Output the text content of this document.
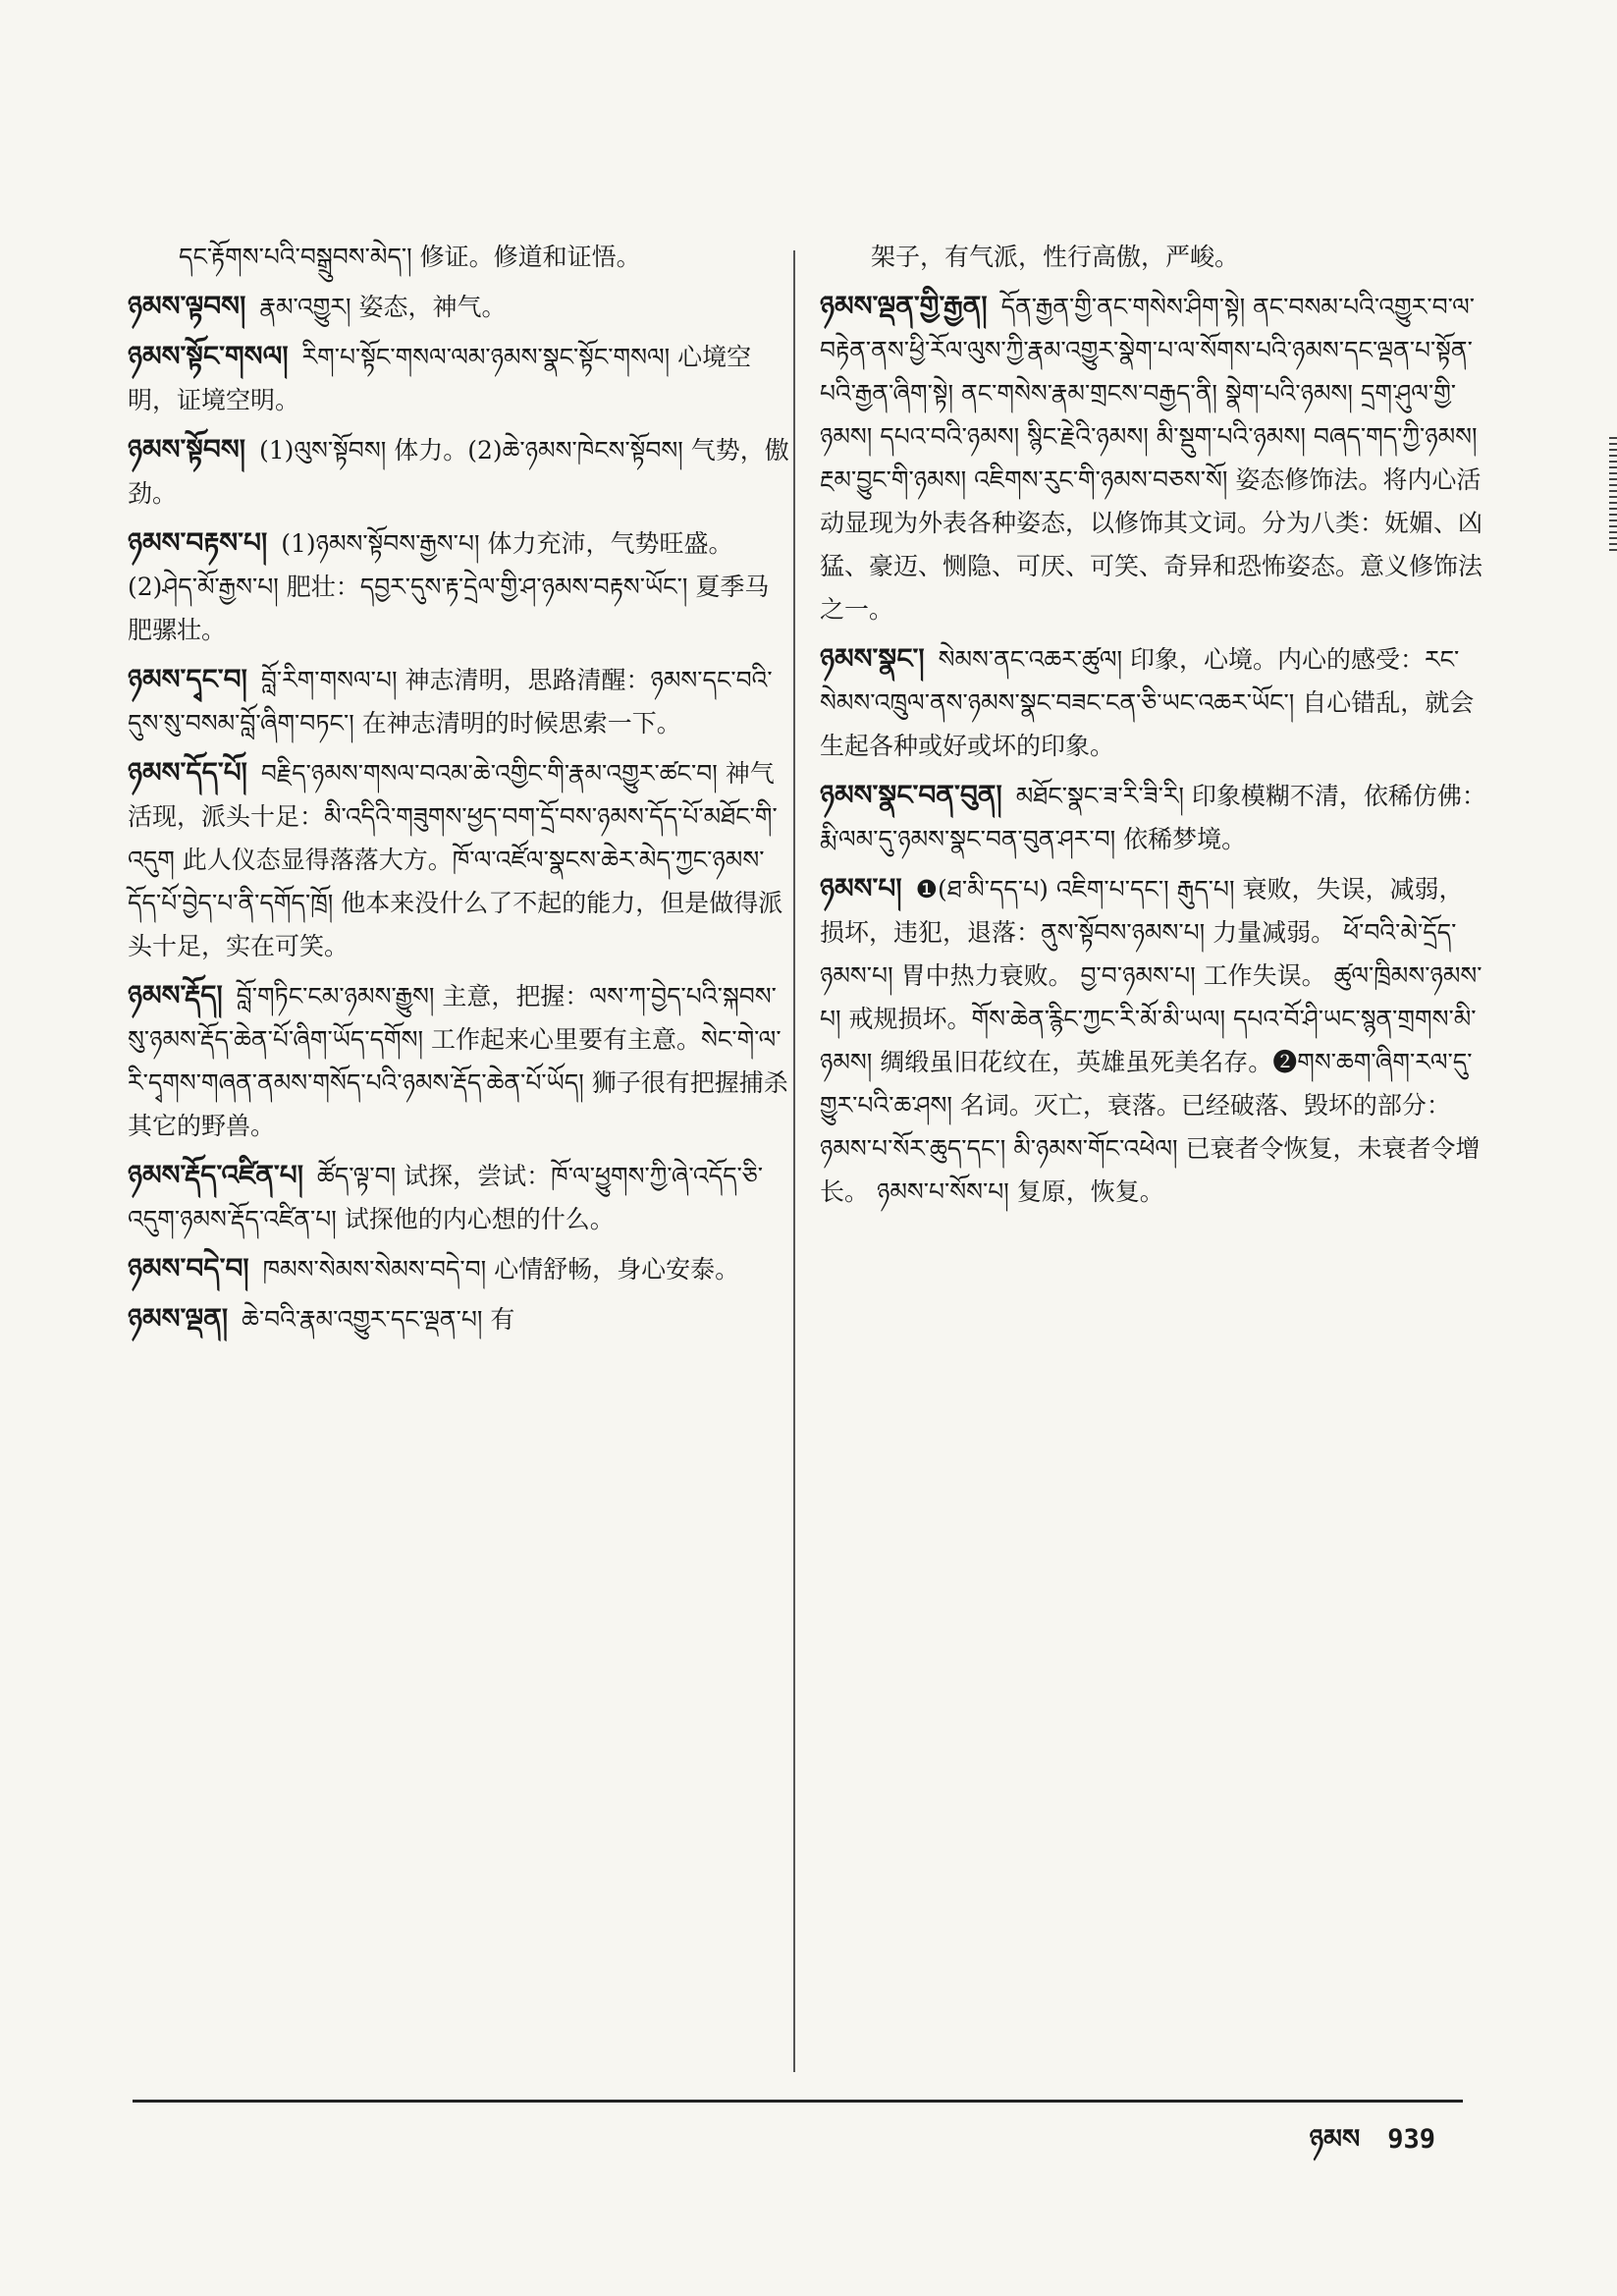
དང་རྟོགས་པའི་བསྒྲུབས་མེད་། 修证。修道和证悟。

ཉམས་ལྟབས། རྣམ་འགྱུར། 姿态，神气。
ཉམས་སྟོང་གསལ། རིག་པ་སྟོང་གསལ་ལམ་ཉམས་སྣང་སྟོང་གསལ། 心境空明，证境空明。
ཉམས་སྟོབས། (1)ལུས་སྟོབས། 体力。(2)ཆེ་ཉམས་ཁེངས་སྟོབས། 气势，傲劲。
ཉམས་བརྟས་པ། (1)ཉམས་སྟོབས་རྒྱས་པ། 体力充沛，气势旺盛。(2)ཤེད་མོ་རྒྱས་པ། 肥壮：དབྱར་དུས་རྟ་དྲེལ་གྱི་ཤ་ཉམས་བརྟས་ཡོང་། 夏季马肥骡壮。
ཉམས་དྭང་བ། བློ་རིག་གསལ་པ། 神志清明，思路清醒：ཉམས་དང་བའི་དུས་སུ་བསམ་བློ་ཞིག་བཏང་། 在神志清明的时候思索一下。
ཉམས་དོད་པོ། བརྗིད་ཉམས་གསལ་བའམ་ཆེ་འགྱིང་གི་རྣམ་འགྱུར་ཚང་བ། 神气活现，派头十足：མི་འདིའི་གཟུགས་ཕྱད་བག་དྲོ་བས་ཉམས་དོད་པོ་མཐོང་གི་འདུག 此人仪态显得落落大方。ཁོ་ལ་འཛོལ་སྣངས་ཆེར་མེད་ཀྱང་ཉམས་དོད་པོ་བྱེད་པ་ནི་དགོད་ཁྲོ། 他本来没什么了不起的能力，但是做得派头十足，实在可笑。
ཉམས་རྡོད། བློ་གཏིང་ངམ་ཉམས་རྒྱུས། 主意，把握：ལས་ཀ་བྱེད་པའི་སྐབས་སུ་ཉམས་རྡོད་ཆེན་པོ་ཞིག་ཡོད་དགོས། 工作起来心里要有主意。སེང་གེ་ལ་རི་དྭགས་གཞན་ནམས་གསོད་པའི་ཉམས་རྡོད་ཆེན་པོ་ཡོད། 狮子很有把握捕杀其它的野兽。
ཉམས་རྡོད་འཛིན་པ། ཚོད་ལྟ་བ། 试探，尝试：ཁོ་ལ་ཕྱུགས་ཀྱི་ཞེ་འདོད་ཅི་འདུག་ཉམས་རྡོད་འཛིན་པ། 试探他的内心想的什么。
ཉམས་བདེ་བ། ཁམས་སེམས་སེམས་བདེ་བ། 心情舒畅，身心安泰。
ཉམས་ལྡན། ཆེ་བའི་རྣམ་འགྱུར་དང་ལྡན་པ། 有

架子，有气派，性行高傲，严峻。

ཉམས་ལྡན་གྱི་རྒྱན། དོན་རྒྱན་གྱི་ནང་གསེས་ཤིག་སྟེ། ནང་བསམ་པའི་འགྱུར་བ་ལ་བརྟེན་ནས་ཕྱི་རོལ་ལུས་ཀྱི་རྣམ་འགྱུར་སྣེག་པ་ལ་སོགས་པའི་ཉམས་དང་ལྡན་པ་སྟོན་པའི་རྒྱན་ཞིག་སྟེ། ནང་གསེས་རྣམ་གྲངས་བརྒྱད་ནི། སྣེག་པའི་ཉམས། དྲག་ཤུལ་གྱི་ཉམས། དཔའ་བའི་ཉམས། སྙིང་རྗེའི་ཉམས། མི་སྡུག་པའི་ཉམས། བཞད་གད་ཀྱི་ཉམས། རྔམ་བྱུང་གི་ཉམས། འཇིགས་རུང་གི་ཉམས་བཅས་སོ། 姿态修饰法。将内心活动显现为外表各种姿态，以修饰其文词。分为八类：妩媚、凶猛、豪迈、恻隐、可厌、可笑、奇异和恐怖姿态。意义修饰法之一。
ཉམས་སྣང་། སེམས་ནང་འཆར་ཚུལ། 印象，心境。内心的感受：རང་སེམས་འཁྲུལ་ནས་ཉམས་སྣང་བཟང་ངན་ཅི་ཡང་འཆར་ཡོང་། 自心错乱，就会生起各种或好或坏的印象。
ཉམས་སྣང་བན་བུན། མཐོང་སྣང་ཟ་རི་ཟི་རི། 印象模糊不清，依稀仿佛：རྨི་ལམ་དུ་ཉམས་སྣང་བན་བུན་ཤར་བ། 依稀梦境。
ཉམས་པ། ❶(ཐ་མི་དད་པ) འཇིག་པ་དང་། རྒུད་པ། 衰败，失误，减弱，损坏，违犯，退落：ནུས་སྟོབས་ཉམས་པ། 力量减弱。 ཕོ་བའི་མེ་དྲོད་ཉམས་པ། 胃中热力衰败。 བྱ་བ་ཉམས་པ། 工作失误。 ཚུལ་ཁྲིམས་ཉམས་པ། 戒规损坏。གོས་ཆེན་རྙིང་ཀྱང་རི་མོ་མི་ཡལ། དཔའ་བོ་ཤི་ཡང་སྙན་གྲགས་མི་ཉམས། 绸缎虽旧花纹在，英雄虽死美名存。❷གས་ཆག་ཞིག་རལ་དུ་གྱུར་པའི་ཆ་ཤས། 名词。灭亡，衰落。已经破落、毁坏的部分：ཉམས་པ་སོར་ཆུད་དང་། མི་ཉམས་གོང་འཕེལ། 已衰者令恢复，未衰者令增长。 ཉམས་པ་སོས་པ། 复原，恢复。
ཉམས 939
